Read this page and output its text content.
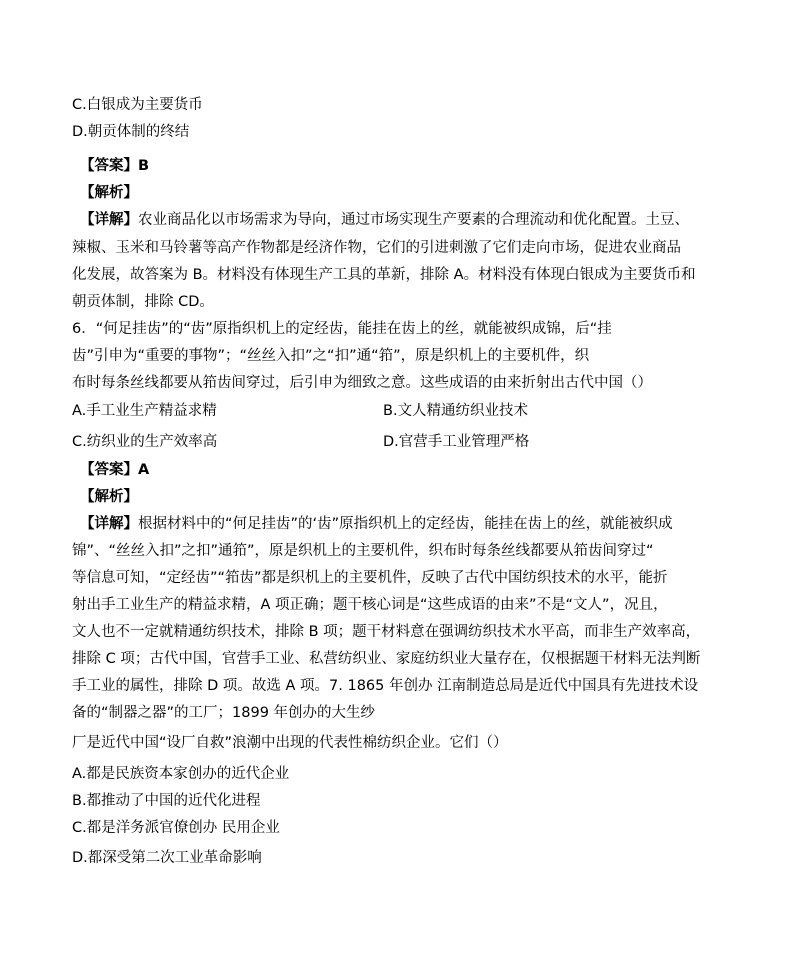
C.白银成为主要货币
D.朝贡体制的终结
【答案】B
【解析】
【详解】农业商品化以市场需求为导向，通过市场实现生产要素的合理流动和优化配置。土豆、
辣椒、玉米和马铃薯等高产作物都是经济作物，它们的引进刺激了它们走向市场，促进农业商品
化发展，故答案为 B。材料没有体现生产工具的革新，排除 A。材料没有体现白银成为主要货币和
朝贡体制，排除 CD。
6．“何足挂齿”的“齿”原指织机上的定经齿，能挂在齿上的丝，就能被织成锦，后“挂
齿”引申为“重要的事物”；“丝丝入扣”之“扣”通“筘”，原是织机上的主要机件，织
布时每条丝线都要从筘齿间穿过，后引申为细致之意。这些成语的由来折射出古代中国（）
A.手工业生产精益求精	B.文人精通纺织业技术
C.纺织业的生产效率高	D.官营手工业管理严格
【答案】A
【解析】
【详解】根据材料中的“何足挂齿”的‘齿”原指织机上的定经齿，能挂在齿上的丝，就能被织成
锦”、“丝丝入扣”之扣”通筘”，原是织机上的主要机件，织布时每条丝线都要从筘齿间穿过“
等信息可知，“定经齿”“筘齿”都是织机上的主要机件，反映了古代中国纺织技术的水平，能折
射出手工业生产的精益求精，A 项正确；题干核心词是“这些成语的由来”不是“文人”，况且，
文人也不一定就精通纺织技术，排除 B 项；题干材料意在强调纺织技术水平高，而非生产效率高，
排除 C 项；古代中国，官营手工业、私营纺织业、家庭纺织业大量存在，仅根据题干材料无法判断
手工业的属性，排除 D 项。故选 A 项。7. 1865 年创办 江南制造总局是近代中国具有先进技术设
备的“制器之器”的工厂；1899 年创办的大生纱
厂是近代中国“设厂自救”浪潮中出现的代表性棉纺织企业。它们（）
A.都是民族资本家创办的近代企业
B.都推动了中国的近代化进程
C.都是洋务派官僚创办 民用企业
D.都深受第二次工业革命影响
